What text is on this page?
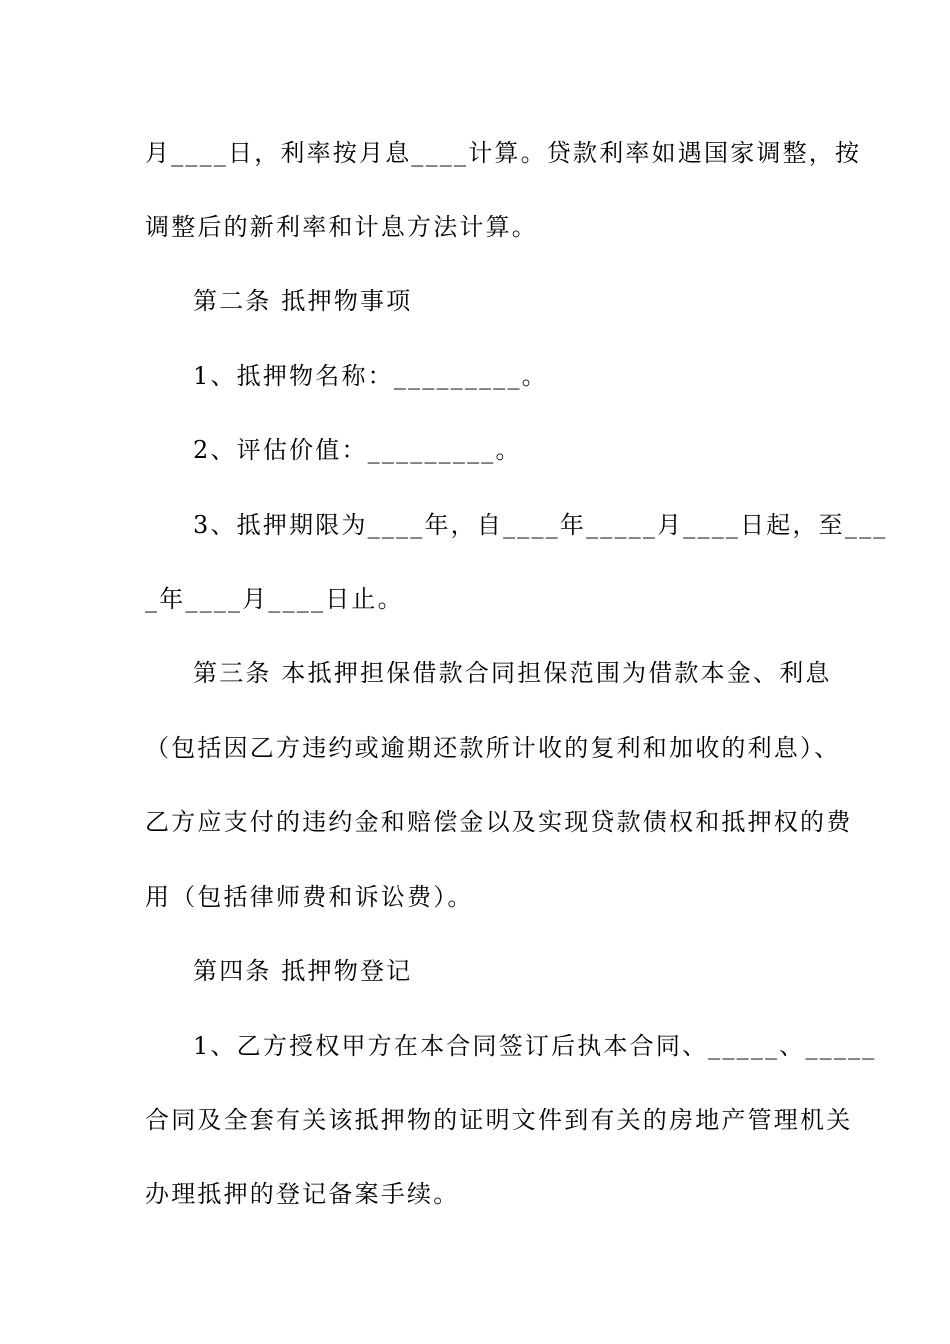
月____日，利率按月息____计算。贷款利率如遇国家调整，按
调整后的新利率和计息方法计算。
第二条 抵押物事项
1、抵押物名称：_________。
2、评估价值：_________。
3、抵押期限为____年，自____年_____月____日起，至___
_年____月____日止。
第三条 本抵押担保借款合同担保范围为借款本金、利息
（包括因乙方违约或逾期还款所计收的复利和加收的利息）、
乙方应支付的违约金和赔偿金以及实现贷款债权和抵押权的费
用（包括律师费和诉讼费）。
第四条 抵押物登记
1、乙方授权甲方在本合同签订后执本合同、_____、_____
合同及全套有关该抵押物的证明文件到有关的房地产管理机关
办理抵押的登记备案手续。
